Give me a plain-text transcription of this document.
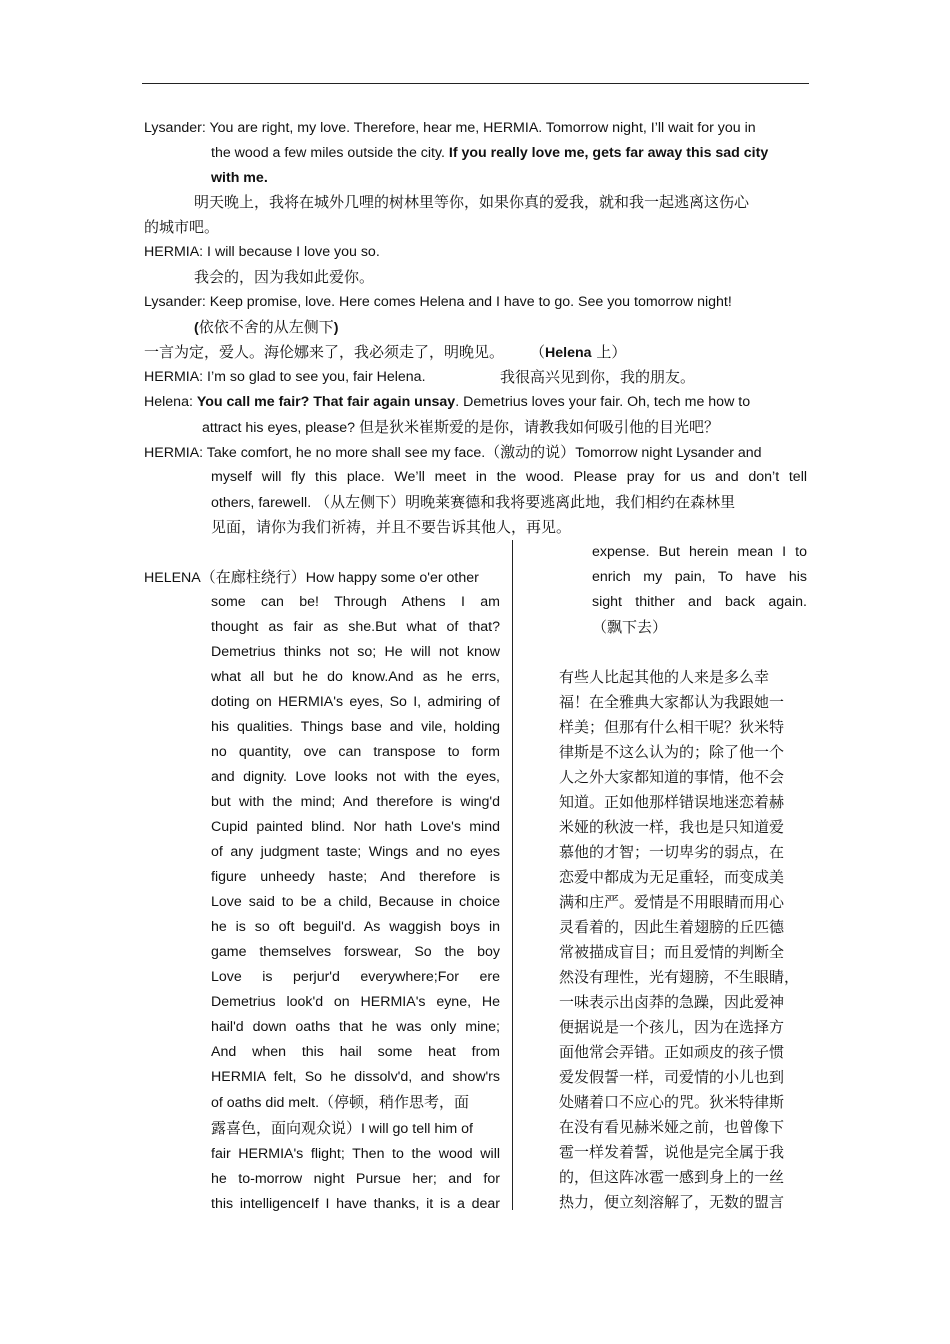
Lysander: You are right, my love. Therefore, hear me, HERMIA. Tomorrow night, I’ll wait for you in
the wood a few miles outside the city. If you really love me, gets far away this sad city
with me.
明天晚上，我将在城外几哩的树林里等你，如果你真的爱我，就和我一起逃离这伤心
的城市吧。
HERMIA: I will because I love you so.
我会的，因为我如此爱你。
Lysander: Keep promise, love. Here comes Helena and I have to go. See you tomorrow night!
(依依不舍的从左侧下)
一言为定，爱人。海伦娜来了，我必须走了，明晚见。 （Helena 上）
HERMIA: I’m so glad to see you, fair Helena.	我很高兴见到你，我的朋友。
Helena: You call me fair? That fair again unsay. Demetrius loves your fair. Oh, tech me how to
attract his eyes, please? 但是狄米崔斯爱的是你，请教我如何吸引他的目光吧？
HERMIA: Take comfort, he no more shall see my face.（激动的说）Tomorrow night Lysander and
myself will fly this place. We’ll meet in the wood. Please pray for us and don’t tell
others, farewell. （从左侧下）明晚莱赛德和我将要逃离此地，我们相约在森林里
见面，请你为我们祈祷，并且不要告诉其他人，再见。
HELENA（在廊柱绕行）How happy some o'er other
some can be! Through Athens I am
thought as fair as she.But what of that?
Demetrius thinks not so; He will not know
what all but he do know.And as he errs,
doting on HERMIA's eyes, So I, admiring of
his qualities. Things base and vile, holding
no quantity, ove can transpose to form
and dignity. Love looks not with the eyes,
but with the mind; And therefore is wing'd
Cupid painted blind. Nor hath Love's mind
of any judgment taste; Wings and no eyes
figure unheedy haste; And therefore is
Love said to be a child, Because in choice
he is so oft beguil'd. As waggish boys in
game themselves forswear, So the boy
Love is perjur'd everywhere;For ere
Demetrius look'd on HERMIA's eyne, He
hail'd down oaths that he was only mine;
And when this hail some heat from
HERMIA felt, So he dissolv'd, and show'rs
of oaths did melt.（停顿，稍作思考，面
露喜色，面向观众说）I will go tell him of
fair HERMIA's flight; Then to the wood will
he to-morrow night Pursue her; and for
this intelligenceIf I have thanks, it is a dear
expense. But herein mean I to
enrich my pain, To have his
sight thither and back again.
（飘下去）
有些人比起其他的人来是多么幸
福！在全雅典大家都认为我跟她一
样美；但那有什么相干呢？狄米特
律斯是不这么认为的；除了他一个
人之外大家都知道的事情，他不会
知道。正如他那样错误地迷恋着赫
米娅的秋波一样，我也是只知道爱
慕他的才智；一切卑劣的弱点，在
恋爱中都成为无足重轻，而变成美
满和庄严。爱情是不用眼睛而用心
灵看着的，因此生着翅膀的丘匹德
常被描成盲目；而且爱情的判断全
然没有理性，光有翅膀，不生眼睛，
一味表示出卤莽的急躁，因此爱神
便据说是一个孩儿，因为在选择方
面他常会弄错。正如顽皮的孩子惯
爱发假誓一样，司爱情的小儿也到
处赌着口不应心的咒。狄米特律斯
在没有看见赫米娅之前，也曾像下
雹一样发着誓，说他是完全属于我
的，但这阵冰雹一感到身上的一丝
热力，便立刻溶解了，无数的盟言
